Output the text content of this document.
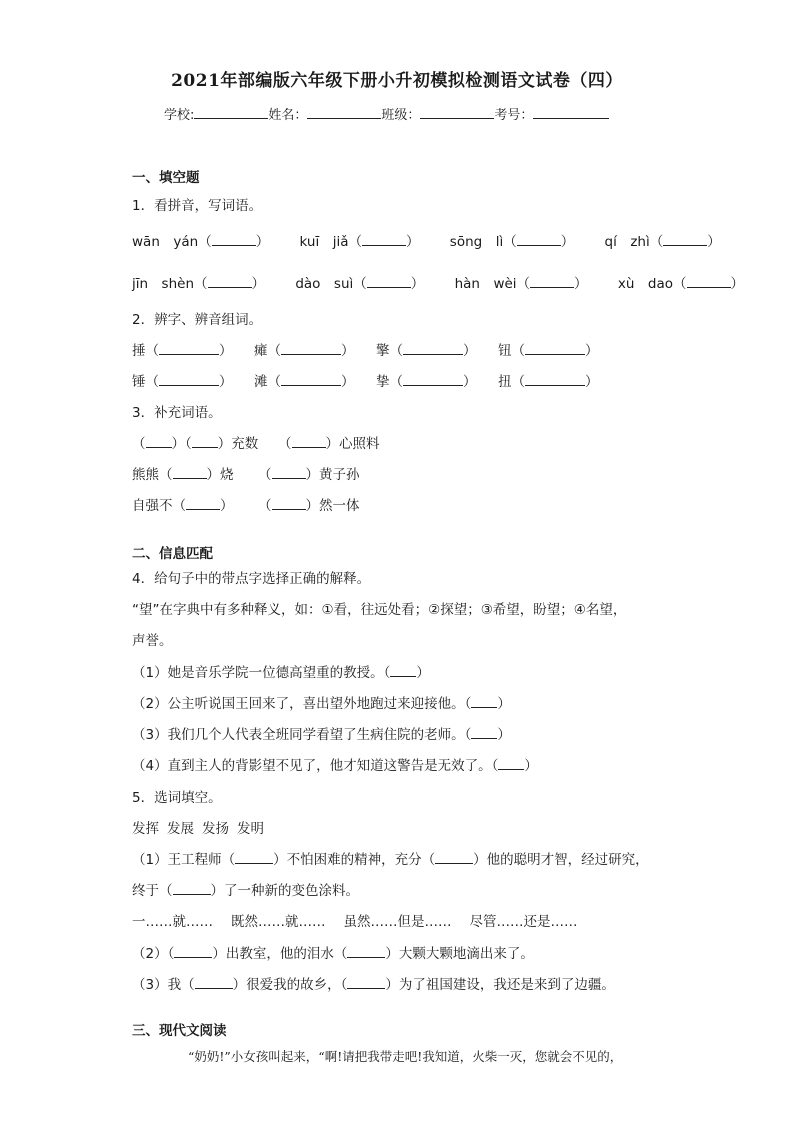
2021年部编版六年级下册小升初模拟检测语文试卷（四）
学校:	姓名：	班级：	考号：
一、填空题
1．看拼音，写词语。
wān　yán（	） kuī　jiǎ（	） sōng　lì（	） qí　zhì（	）
jīn　shèn（	） dào　suì（	） hàn　wèi（	） xù　dao（	）
2．辨字、辨音组词。
捶（	） 瘫（	） 擎（	） 钮（	）
锤（	） 滩（	） 挚（	） 扭（	）
3．补充词语。
（ ）（ ）充数 （	）心照料
熊熊（	）烧 （	）黄子孙
自强不（	） （	）然一体
二、信息匹配
4．给句子中的带点字选择正确的解释。
“望”在字典中有多种释义，如：①看，往远处看；②探望；③希望，盼望；④名望，
声誉。
（1）她是音乐学院一位德高望重的教授。（ ）
（2）公主听说国王回来了，喜出望外地跑过来迎接他。（ ）
（3）我们几个人代表全班同学看望了生病住院的老师。（ ）
（4）直到主人的背影望不见了，他才知道这警告是无效了。（ ）
5．选词填空。
发挥 发展 发扬 发明
（1）王工程师（	）不怕困难的精神，充分（	）他的聪明才智，经过研究，
终于（	）了一种新的变色涂料。
一……就…… 既然……就…… 虽然……但是…… 尽管……还是……
（2）（	）出教室，他的泪水（	）大颗大颗地滴出来了。
（3）我（	）很爱我的故乡，（	）为了祖国建设，我还是来到了边疆。
三、现代文阅读
“奶奶!”小女孩叫起来，“啊!请把我带走吧!我知道，火柴一灭，您就会不见的，
